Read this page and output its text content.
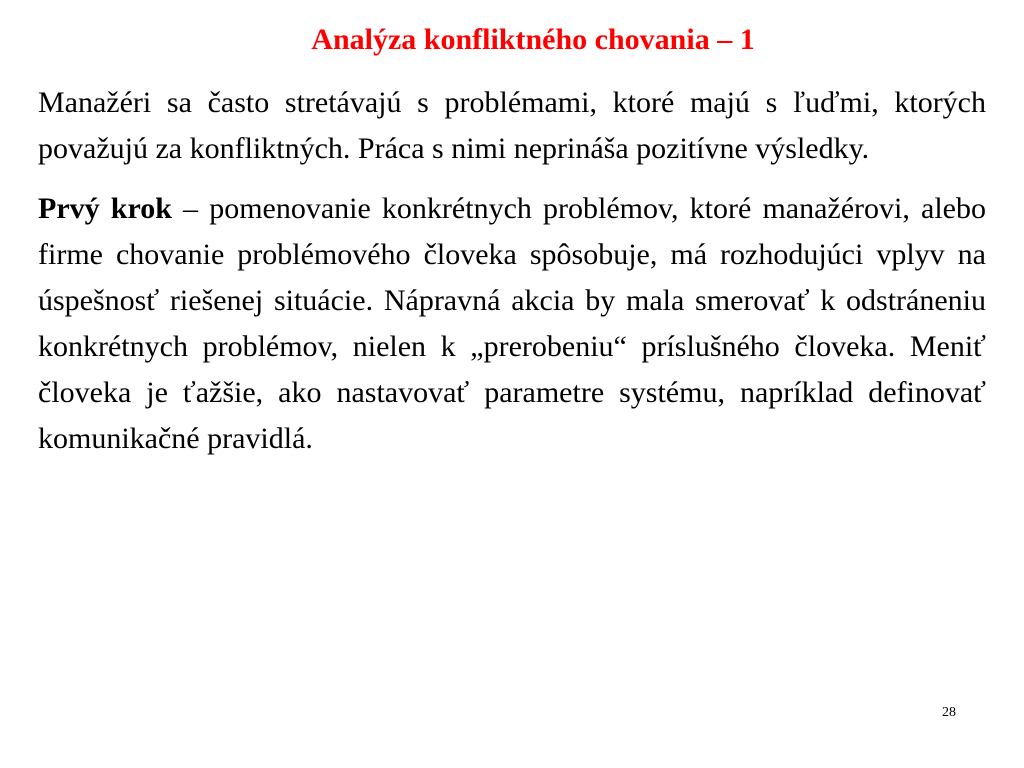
Analýza konfliktného chovania – 1

Manažéri sa často stretávajú s problémami, ktoré majú s ľuďmi, ktorých považujú za konfliktných. Práca s nimi neprináša pozitívne výsledky.

Prvý krok – pomenovanie konkrétnych problémov, ktoré manažérovi, alebo firme chovanie problémového človeka spôsobuje, má rozhodujúci vplyv na úspešnosť riešenej situácie. Nápravná akcia by mala smerovať k odstráneniu konkrétnych problémov, nielen k „prerobeniu“ príslušného človeka. Meniť človeka je ťažšie, ako nastavovať parametre systému, napríklad definovať komunikačné pravidlá.

28
